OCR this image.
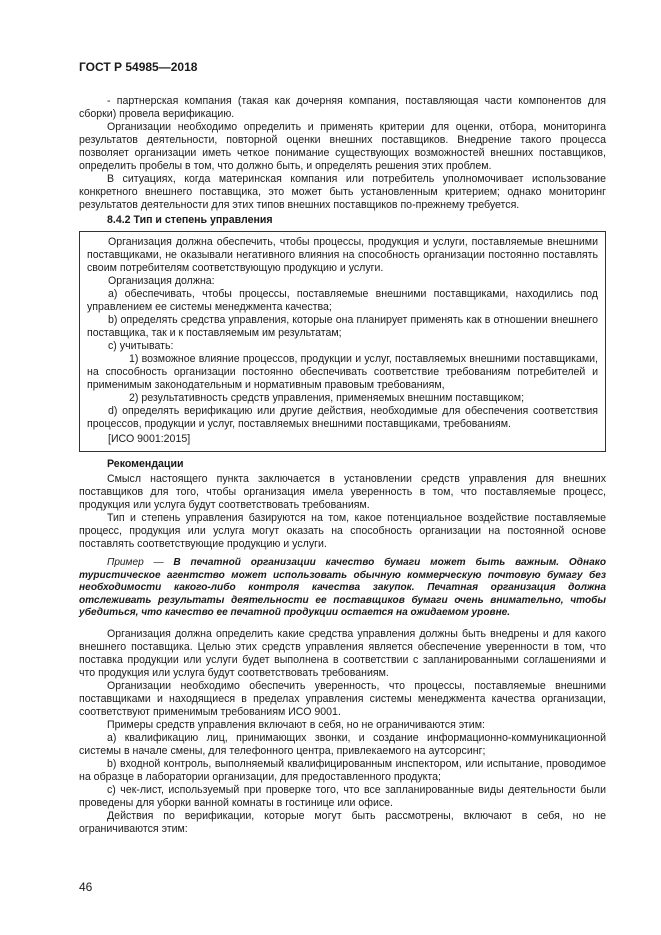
ГОСТ Р 54985—2018

- партнерская компания (такая как дочерняя компания, поставляющая части компонентов для сборки) провела верификацию.

Организации необходимо определить и применять критерии для оценки, отбора, мониторинга результатов деятельности, повторной оценки внешних поставщиков. Внедрение такого процесса позволяет организации иметь четкое понимание существующих возможностей внешних поставщиков, определить пробелы в том, что должно быть, и определять решения этих проблем.

В ситуациях, когда материнская компания или потребитель уполномочивает использование конкретного внешнего поставщика, это может быть установленным критерием; однако мониторинг результатов деятельности для этих типов внешних поставщиков по-прежнему требуется.

8.4.2 Тип и степень управления

Организация должна обеспечить, чтобы процессы, продукция и услуги, поставляемые внешними поставщиками, не оказывали негативного влияния на способность организации постоянно поставлять своим потребителям соответствующую продукцию и услуги.

Организация должна:

a) обеспечивать, чтобы процессы, поставляемые внешними поставщиками, находились под управлением ее системы менеджмента качества;

b) определять средства управления, которые она планирует применять как в отношении внешнего поставщика, так и к поставляемым им результатам;

c) учитывать:

1) возможное влияние процессов, продукции и услуг, поставляемых внешними поставщиками, на способность организации постоянно обеспечивать соответствие требованиям потребителей и применимым законодательным и нормативным правовым требованиям,

2) результативность средств управления, применяемых внешним поставщиком;

d) определять верификацию или другие действия, необходимые для обеспечения соответствия процессов, продукции и услуг, поставляемых внешними поставщиками, требованиям.

[ИСО 9001:2015]

Рекомендации

Смысл настоящего пункта заключается в установлении средств управления для внешних поставщиков для того, чтобы организация имела уверенность в том, что поставляемые процесс, продукция или услуга будут соответствовать требованиям.

Тип и степень управления базируются на том, какое потенциальное воздействие поставляемые процесс, продукция или услуга могут оказать на способность организации на постоянной основе поставлять соответствующие продукцию и услуги.

Пример — В печатной организации качество бумаги может быть важным. Однако туристическое агентство может использовать обычную коммерческую почтовую бумагу без необходимости какого-либо контроля качества закупок. Печатная организация должна отслеживать результаты деятельности ее поставщиков бумаги очень внимательно, чтобы убедиться, что качество ее печатной продукции остается на ожидаемом уровне.

Организация должна определить какие средства управления должны быть внедрены и для какого внешнего поставщика. Целью этих средств управления является обеспечение уверенности в том, что поставка продукции или услуги будет выполнена в соответствии с запланированными соглашениями и что продукция или услуга будут соответствовать требованиям.

Организации необходимо обеспечить уверенность, что процессы, поставляемые внешними поставщиками и находящиеся в пределах управления системы менеджмента качества организации, соответствуют применимым требованиям ИСО 9001.

Примеры средств управления включают в себя, но не ограничиваются этим:

a) квалификацию лиц, принимающих звонки, и создание информационно-коммуникационной системы в начале смены, для телефонного центра, привлекаемого на аутсорсинг;

b) входной контроль, выполняемый квалифицированным инспектором, или испытание, проводимое на образце в лаборатории организации, для предоставленного продукта;

c) чек-лист, используемый при проверке того, что все запланированные виды деятельности были проведены для уборки ванной комнаты в гостинице или офисе.

Действия по верификации, которые могут быть рассмотрены, включают в себя, но не ограничиваются этим:

46
